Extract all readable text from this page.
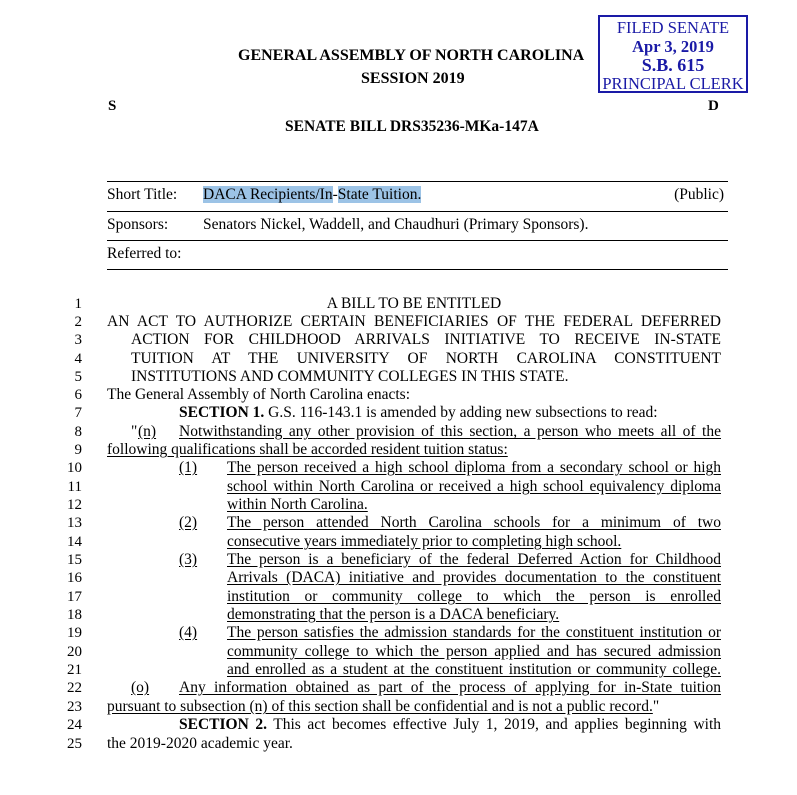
FILED SENATE
Apr 3, 2019
S.B. 615
PRINCIPAL CLERK
GENERAL ASSEMBLY OF NORTH CAROLINA
SESSION 2019
S	D
SENATE BILL DRS35236-MKa-147A
Short Title: DACA Recipients/In-State Tuition.	(Public)
Sponsors: Senators Nickel, Waddell, and Chaudhuri (Primary Sponsors).
Referred to:
1
2
3
4
5
6
7
8
9
10
11
12
13
14
15
16
17
18
19
20
21
22
23
24
25
A BILL TO BE ENTITLED
AN ACT TO AUTHORIZE CERTAIN BENEFICIARIES OF THE FEDERAL DEFERRED
ACTION FOR CHILDHOOD ARRIVALS INITIATIVE TO RECEIVE IN-STATE
TUITION AT THE UNIVERSITY OF NORTH CAROLINA CONSTITUENT
INSTITUTIONS AND COMMUNITY COLLEGES IN THIS STATE.
The General Assembly of North Carolina enacts:
SECTION 1. G.S. 116-143.1 is amended by adding new subsections to read:
" (n) Notwithstanding any other provision of this section, a person who meets all of the
following qualifications shall be accorded resident tuition status:
(1) The person received a high school diploma from a secondary school or high
school within North Carolina or received a high school equivalency diploma
within North Carolina.
(2) The person attended North Carolina schools for a minimum of two
consecutive years immediately prior to completing high school.
(3) The person is a beneficiary of the federal Deferred Action for Childhood
Arrivals (DACA) initiative and provides documentation to the constituent
institution or community college to which the person is enrolled
demonstrating that the person is a DACA beneficiary.
(4) The person satisfies the admission standards for the constituent institution or
community college to which the person applied and has secured admission
and enrolled as a student at the constituent institution or community college.
(o) Any information obtained as part of the process of applying for in-State tuition
pursuant to subsection (n) of this section shall be confidential and is not a public record."
SECTION 2. This act becomes effective July 1, 2019, and applies beginning with
the 2019-2020 academic year.
